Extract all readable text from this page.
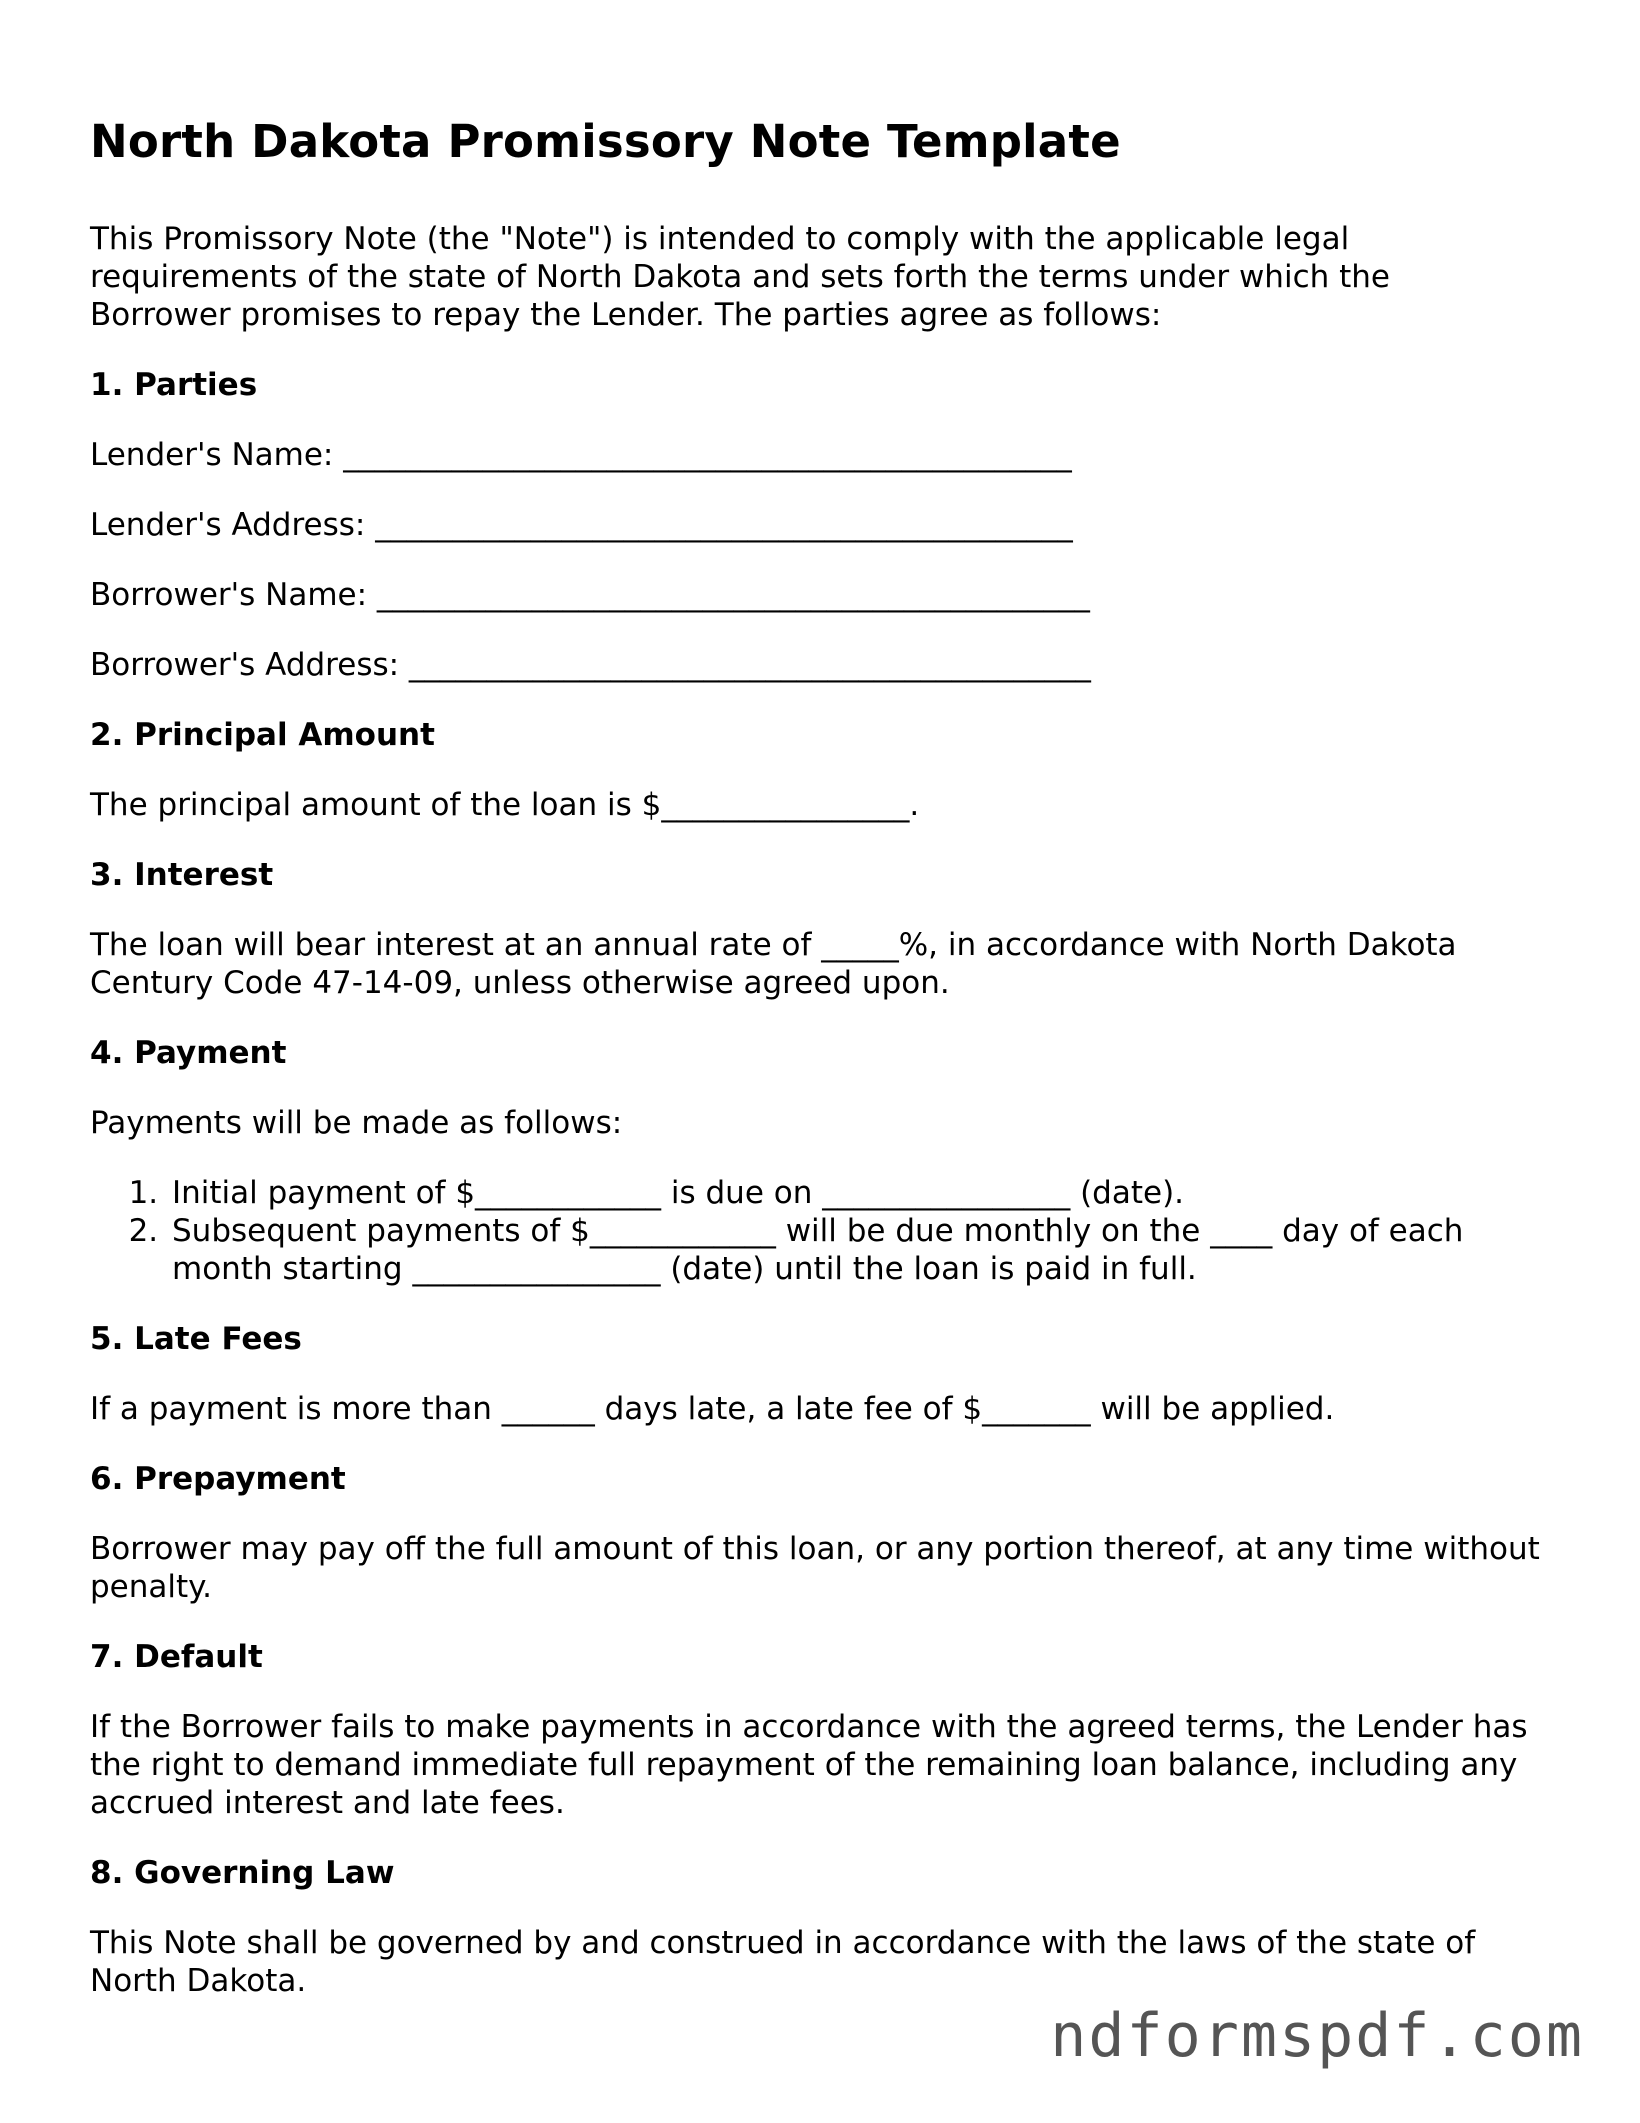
North Dakota Promissory Note Template

This Promissory Note (the "Note") is intended to comply with the applicable legal requirements of the state of North Dakota and sets forth the terms under which the Borrower promises to repay the Lender. The parties agree as follows:

1. Parties

Lender's Name: _______________________________________________

Lender's Address: _____________________________________________

Borrower's Name: ______________________________________________

Borrower's Address: ____________________________________________

2. Principal Amount

The principal amount of the loan is $________________.

3. Interest

The loan will bear interest at an annual rate of _____%, in accordance with North Dakota Century Code 47-14-09, unless otherwise agreed upon.

4. Payment

Payments will be made as follows:

1. Initial payment of $____________ is due on ________________ (date).
2. Subsequent payments of $____________ will be due monthly on the ____ day of each month starting ________________ (date) until the loan is paid in full.
5. Late Fees

If a payment is more than ______ days late, a late fee of $_______ will be applied.

6. Prepayment

Borrower may pay off the full amount of this loan, or any portion thereof, at any time without penalty.

7. Default

If the Borrower fails to make payments in accordance with the agreed terms, the Lender has the right to demand immediate full repayment of the remaining loan balance, including any accrued interest and late fees.

8. Governing Law

This Note shall be governed by and construed in accordance with the laws of the state of North Dakota.

ndformspdf.com
